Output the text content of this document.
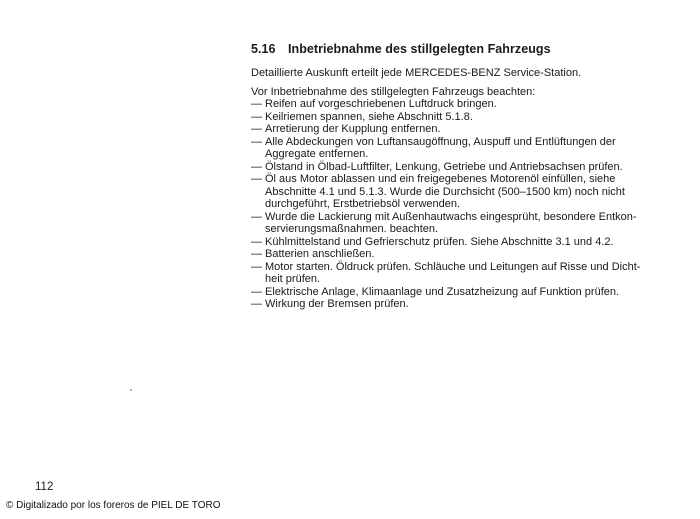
5.16 Inbetriebnahme des stillgelegten Fahrzeugs
Detaillierte Auskunft erteilt jede MERCEDES-BENZ Service-Station.
Vor Inbetriebnahme des stillgelegten Fahrzeugs beachten:
— Reifen auf vorgeschriebenen Luftdruck bringen.
— Keilriemen spannen, siehe Abschnitt 5.1.8.
— Arretierung der Kupplung entfernen.
— Alle Abdeckungen von Luftansaugöffnung, Auspuff und Entlüftungen der
Aggregate entfernen.
— Ölstand in Ölbad-Luftfilter, Lenkung, Getriebe und Antriebsachsen prüfen.
— Öl aus Motor ablassen und ein freigegebenes Motorenöl einfüllen, siehe
Abschnitte 4.1 und 5.1.3. Wurde die Durchsicht (500–1500 km) noch nicht
durchgeführt, Erstbetriebsöl verwenden.
— Wurde die Lackierung mit Außenhautwachs eingesprüht, besondere Entkon-
servierungsmaßnahmen. beachten.
— Kühlmittelstand und Gefrierschutz prüfen. Siehe Abschnitte 3.1 und 4.2.
— Batterien anschließen.
— Motor starten. Öldruck prüfen. Schläuche und Leitungen auf Risse und Dicht-
heit prüfen.
— Elektrische Anlage, Klimaanlage und Zusatzheizung auf Funktion prüfen.
— Wirkung der Bremsen prüfen.
112
© Digitalizado por los foreros de PIEL DE TORO
